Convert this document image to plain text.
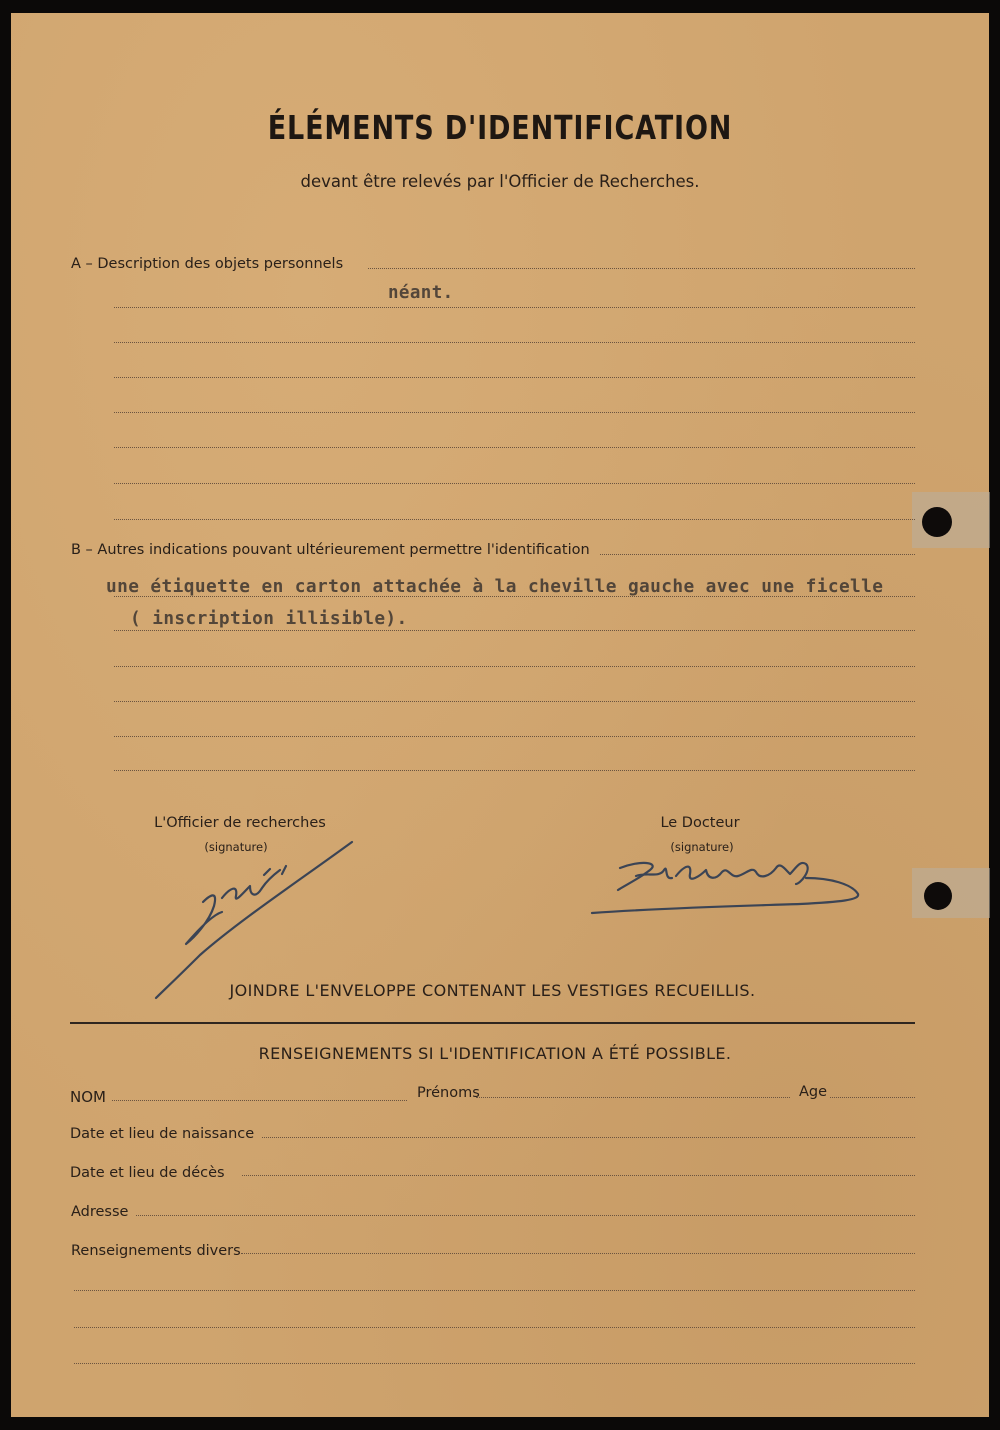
ÉLÉMENTS D'IDENTIFICATION
devant être relevés par l'Officier de Recherches.
A – Description des objets personnels
néant.
B – Autres indications pouvant ultérieurement permettre l'identification
une étiquette en carton attachée à la cheville gauche avec une ficelle
( inscription illisible).
L'Officier de recherches
(signature)
Le Docteur
(signature)
JOINDRE L'ENVELOPPE CONTENANT LES VESTIGES RECUEILLIS.
RENSEIGNEMENTS SI L'IDENTIFICATION A ÉTÉ POSSIBLE.
NOM	Prénoms	Age
Date et lieu de naissance
Date et lieu de décès
Adresse
Renseignements divers
